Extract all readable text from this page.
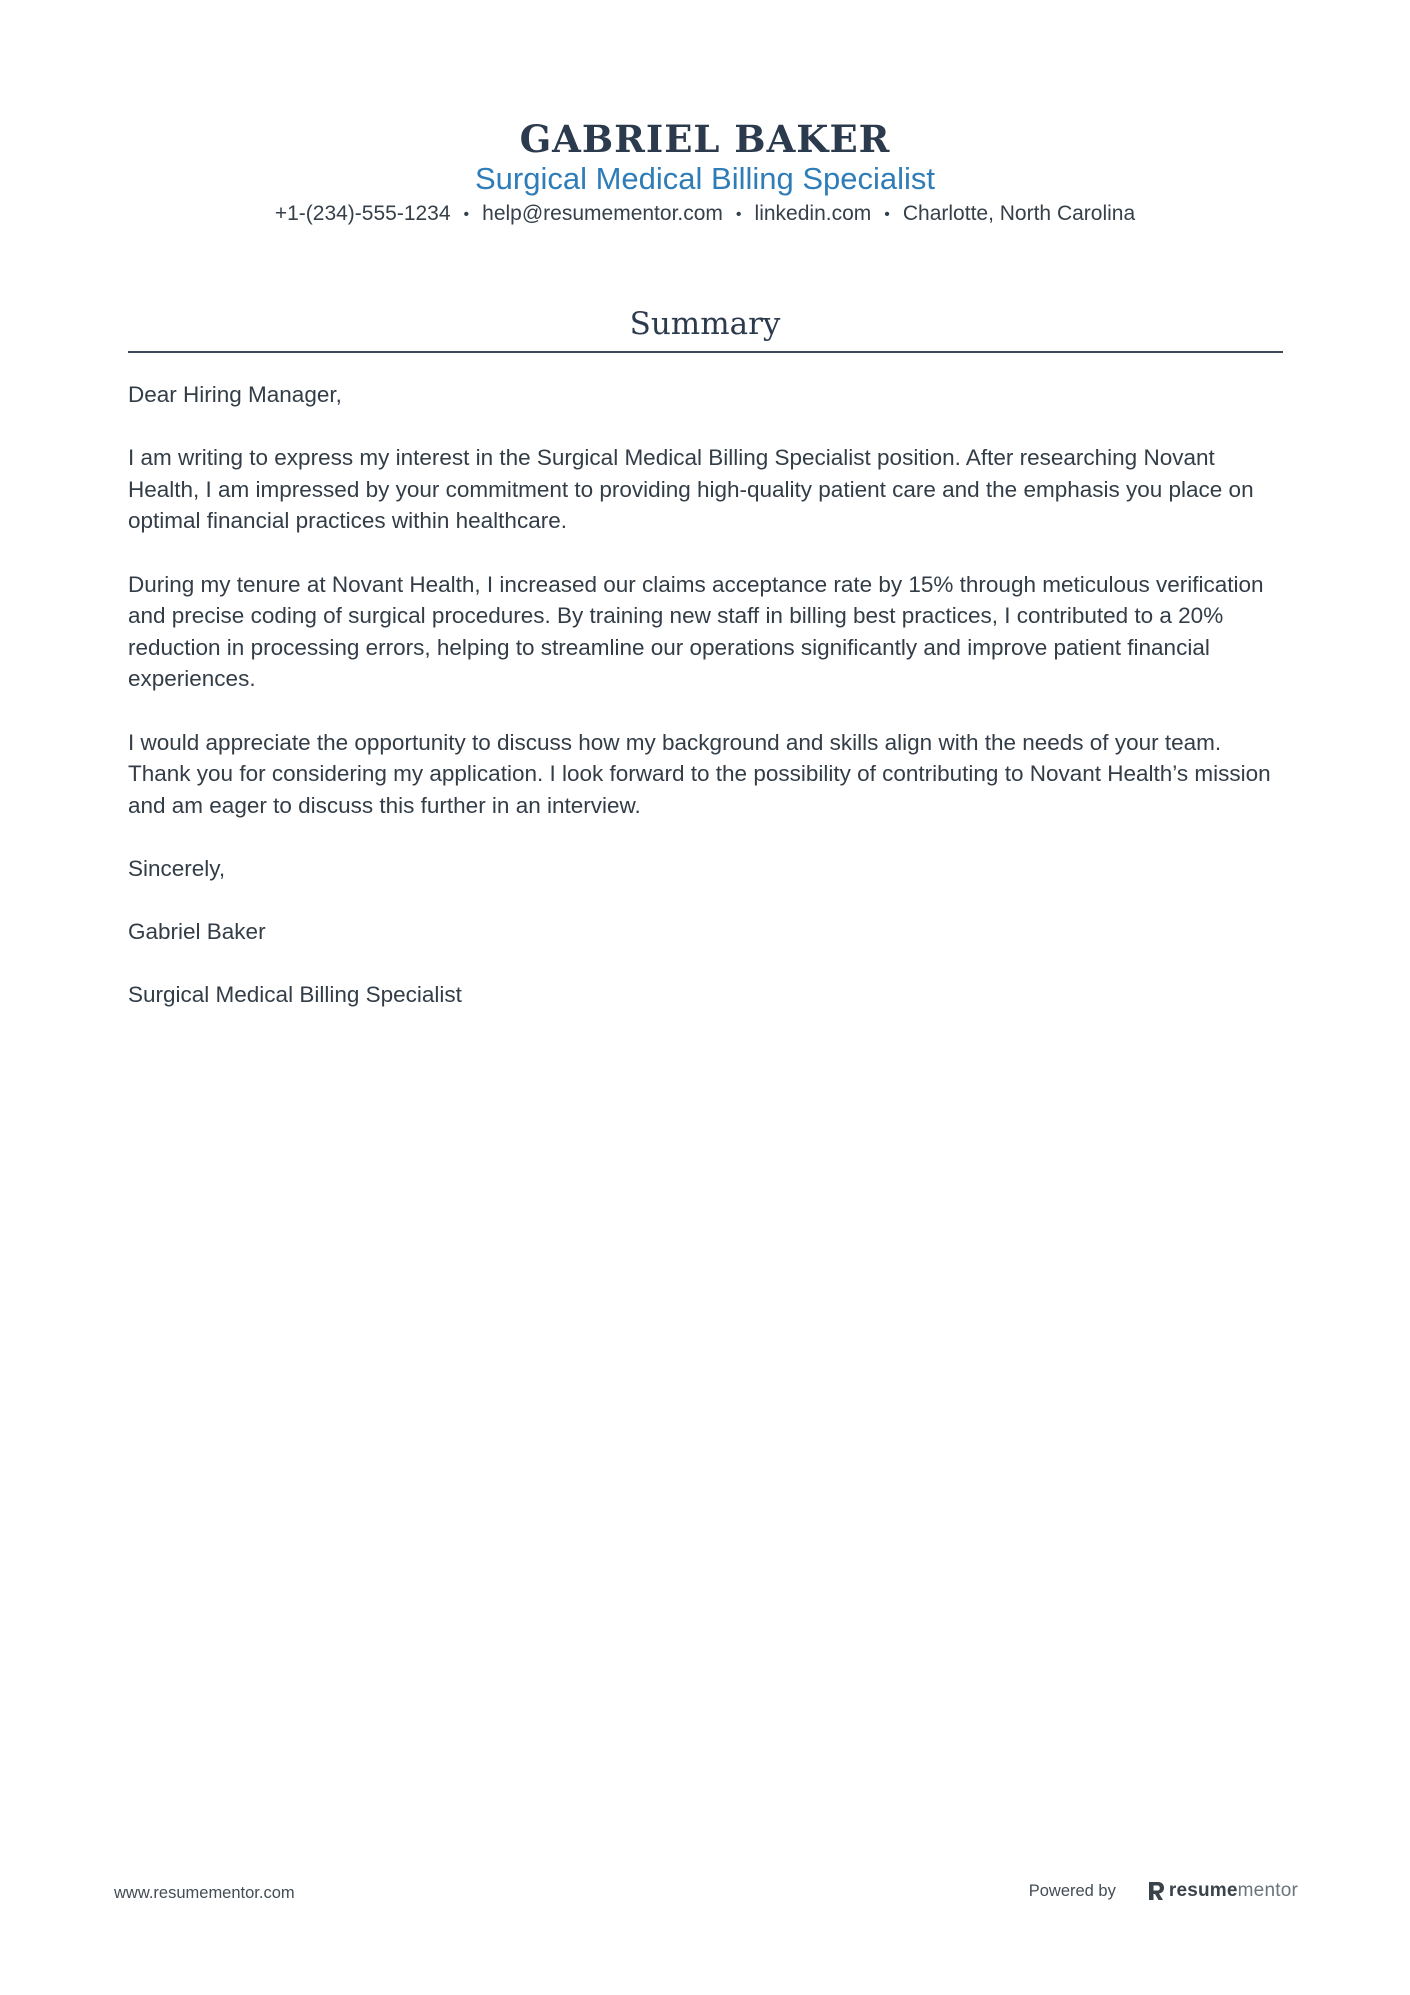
GABRIEL BAKER
Surgical Medical Billing Specialist
+1-(234)-555-1234 • help@resumementor.com • linkedin.com • Charlotte, North Carolina
Summary

Dear Hiring Manager,

I am writing to express my interest in the Surgical Medical Billing Specialist position. After researching Novant Health, I am impressed by your commitment to providing high-quality patient care and the emphasis you place on optimal financial practices within healthcare.

During my tenure at Novant Health, I increased our claims acceptance rate by 15% through meticulous verification and precise coding of surgical procedures. By training new staff in billing best practices, I contributed to a 20% reduction in processing errors, helping to streamline our operations significantly and improve patient financial experiences.

I would appreciate the opportunity to discuss how my background and skills align with the needs of your team. Thank you for considering my application. I look forward to the possibility of contributing to Novant Health’s mission and am eager to discuss this further in an interview.

Sincerely,

Gabriel Baker

Surgical Medical Billing Specialist

www.resumementor.com	Powered by	resumementor
